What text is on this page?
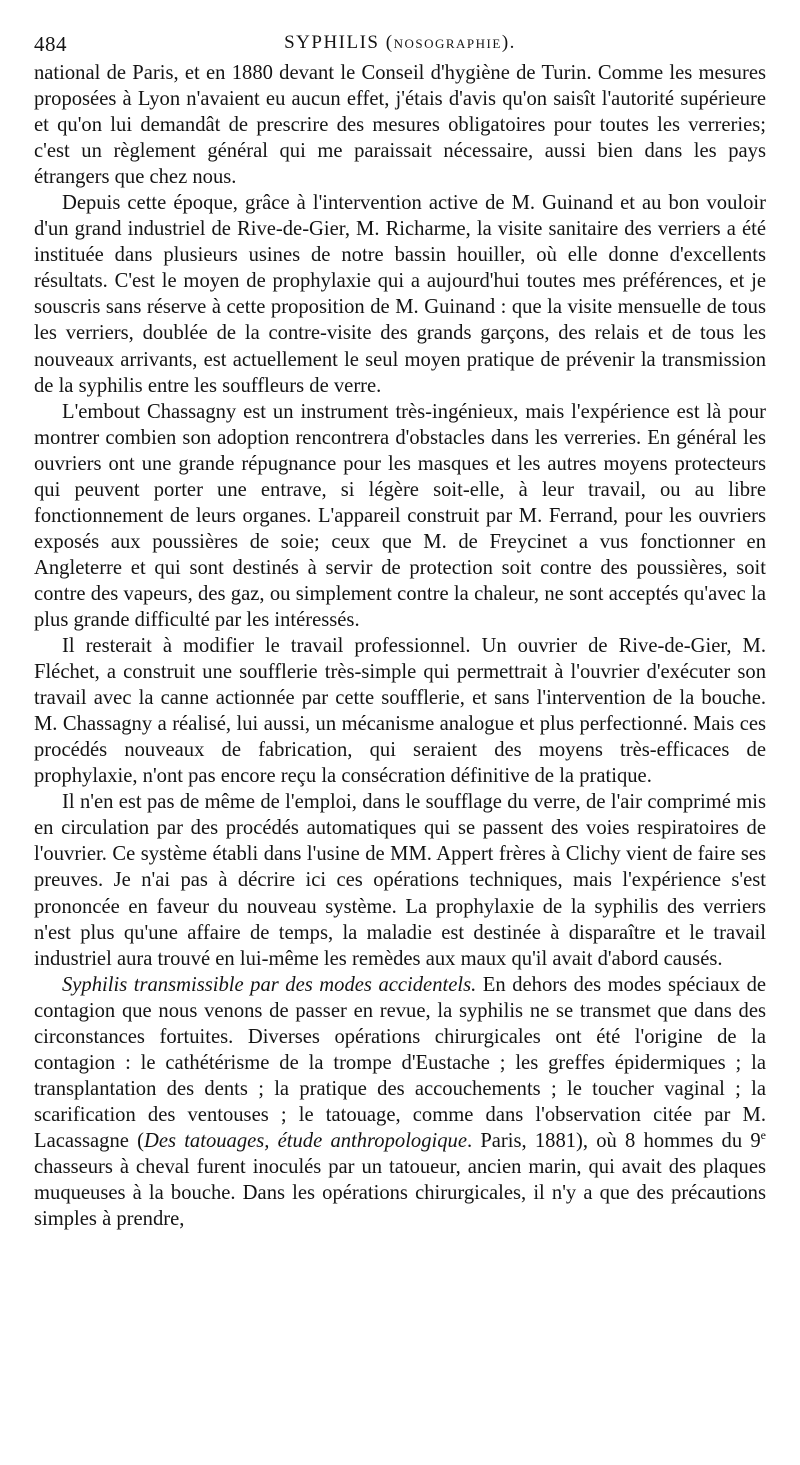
484	SYPHILIS (NOSOGRAPHIE).

national de Paris, et en 1880 devant le Conseil d'hygiène de Turin. Comme les mesures proposées à Lyon n'avaient eu aucun effet, j'étais d'avis qu'on saisît l'autorité supérieure et qu'on lui demandât de prescrire des mesures obligatoires pour toutes les verreries; c'est un règlement général qui me paraissait nécessaire, aussi bien dans les pays étrangers que chez nous.

Depuis cette époque, grâce à l'intervention active de M. Guinand et au bon vouloir d'un grand industriel de Rive-de-Gier, M. Richarme, la visite sanitaire des verriers a été instituée dans plusieurs usines de notre bassin houiller, où elle donne d'excellents résultats. C'est le moyen de prophylaxie qui a aujourd'hui toutes mes préférences, et je souscris sans réserve à cette proposition de M. Guinand : que la visite mensuelle de tous les verriers, doublée de la contre-visite des grands garçons, des relais et de tous les nouveaux arrivants, est actuellement le seul moyen pratique de prévenir la transmission de la syphilis entre les souffleurs de verre.

L'embout Chassagny est un instrument très-ingénieux, mais l'expérience est là pour montrer combien son adoption rencontrera d'obstacles dans les verreries. En général les ouvriers ont une grande répugnance pour les masques et les autres moyens protecteurs qui peuvent porter une entrave, si légère soit-elle, à leur travail, ou au libre fonctionnement de leurs organes. L'appareil construit par M. Ferrand, pour les ouvriers exposés aux poussières de soie; ceux que M. de Freycinet a vus fonctionner en Angleterre et qui sont destinés à servir de protection soit contre des poussières, soit contre des vapeurs, des gaz, ou simplement contre la chaleur, ne sont acceptés qu'avec la plus grande difficulté par les intéressés.

Il resterait à modifier le travail professionnel. Un ouvrier de Rive-de-Gier, M. Fléchet, a construit une soufflerie très-simple qui permettrait à l'ouvrier d'exécuter son travail avec la canne actionnée par cette soufflerie, et sans l'intervention de la bouche. M. Chassagny a réalisé, lui aussi, un mécanisme analogue et plus perfectionné. Mais ces procédés nouveaux de fabrication, qui seraient des moyens très-efficaces de prophylaxie, n'ont pas encore reçu la consécration définitive de la pratique.

Il n'en est pas de même de l'emploi, dans le soufflage du verre, de l'air comprimé mis en circulation par des procédés automatiques qui se passent des voies respiratoires de l'ouvrier. Ce système établi dans l'usine de MM. Appert frères à Clichy vient de faire ses preuves. Je n'ai pas à décrire ici ces opérations techniques, mais l'expérience s'est prononcée en faveur du nouveau système. La prophylaxie de la syphilis des verriers n'est plus qu'une affaire de temps, la maladie est destinée à disparaître et le travail industriel aura trouvé en lui-même les remèdes aux maux qu'il avait d'abord causés.

Syphilis transmissible par des modes accidentels. En dehors des modes spéciaux de contagion que nous venons de passer en revue, la syphilis ne se transmet que dans des circonstances fortuites. Diverses opérations chirurgicales ont été l'origine de la contagion : le cathétérisme de la trompe d'Eustache ; les greffes épidermiques ; la transplantation des dents ; la pratique des accouchements ; le toucher vaginal ; la scarification des ventouses ; le tatouage, comme dans l'observation citée par M. Lacassagne (Des tatouages, étude anthropologique. Paris, 1881), où 8 hommes du 9e chasseurs à cheval furent inoculés par un tatoueur, ancien marin, qui avait des plaques muqueuses à la bouche. Dans les opérations chirurgicales, il n'y a que des précautions simples à prendre,
